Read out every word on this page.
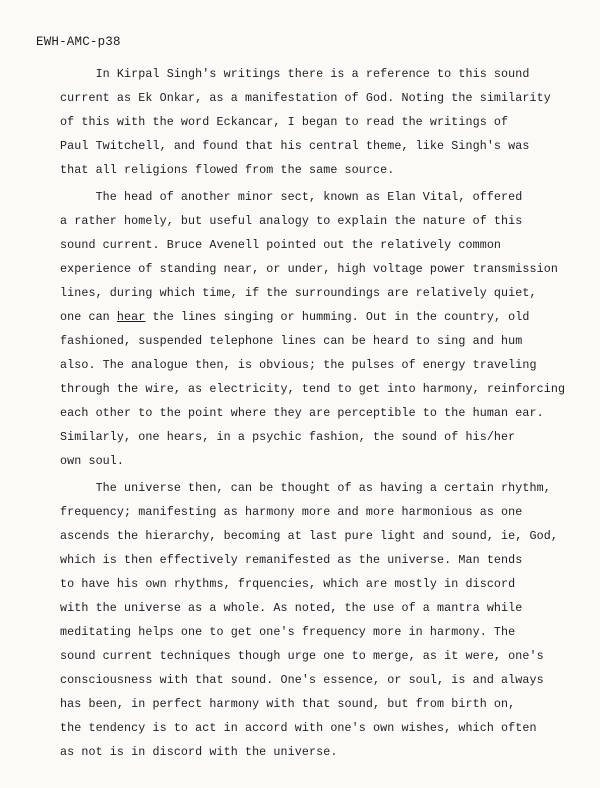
EWH-AMC-p38
In Kirpal Singh's writings there is a reference to this sound
current as Ek Onkar, as a manifestation of God. Noting the similarity
of this with the word Eckancar, I began to read the writings of
Paul Twitchell, and found that his central theme, like Singh's was
that all religions flowed from the same source.
The head of another minor sect, known as Elan Vital, offered
a rather homely, but useful analogy to explain the nature of this
sound current. Bruce Avenell pointed out the relatively common
experience of standing near, or under, high voltage power transmission
lines, during which time, if the surroundings are relatively quiet,
one can hear the lines singing or humming. Out in the country, old
fashioned, suspended telephone lines can be heard to sing and hum
also. The analogue then, is obvious; the pulses of energy traveling
through the wire, as electricity, tend to get into harmony, reinforcing
each other to the point where they are perceptible to the human ear.
Similarly, one hears, in a psychic fashion, the sound of his/her
own soul.
The universe then, can be thought of as having a certain rhythm,
frequency; manifesting as harmony more and more harmonious as one
ascends the hierarchy, becoming at last pure light and sound, ie, God,
which is then effectively remanifested as the universe. Man tends
to have his own rhythms, frquencies, which are mostly in discord
with the universe as a whole. As noted, the use of a mantra while
meditating helps one to get one's frequency more in harmony. The
sound current techniques though urge one to merge, as it were, one's
consciousness with that sound. One's essence, or soul, is and always
has been, in perfect harmony with that sound, but from birth on,
the tendency is to act in accord with one's own wishes, which often
as not is in discord with the universe.
